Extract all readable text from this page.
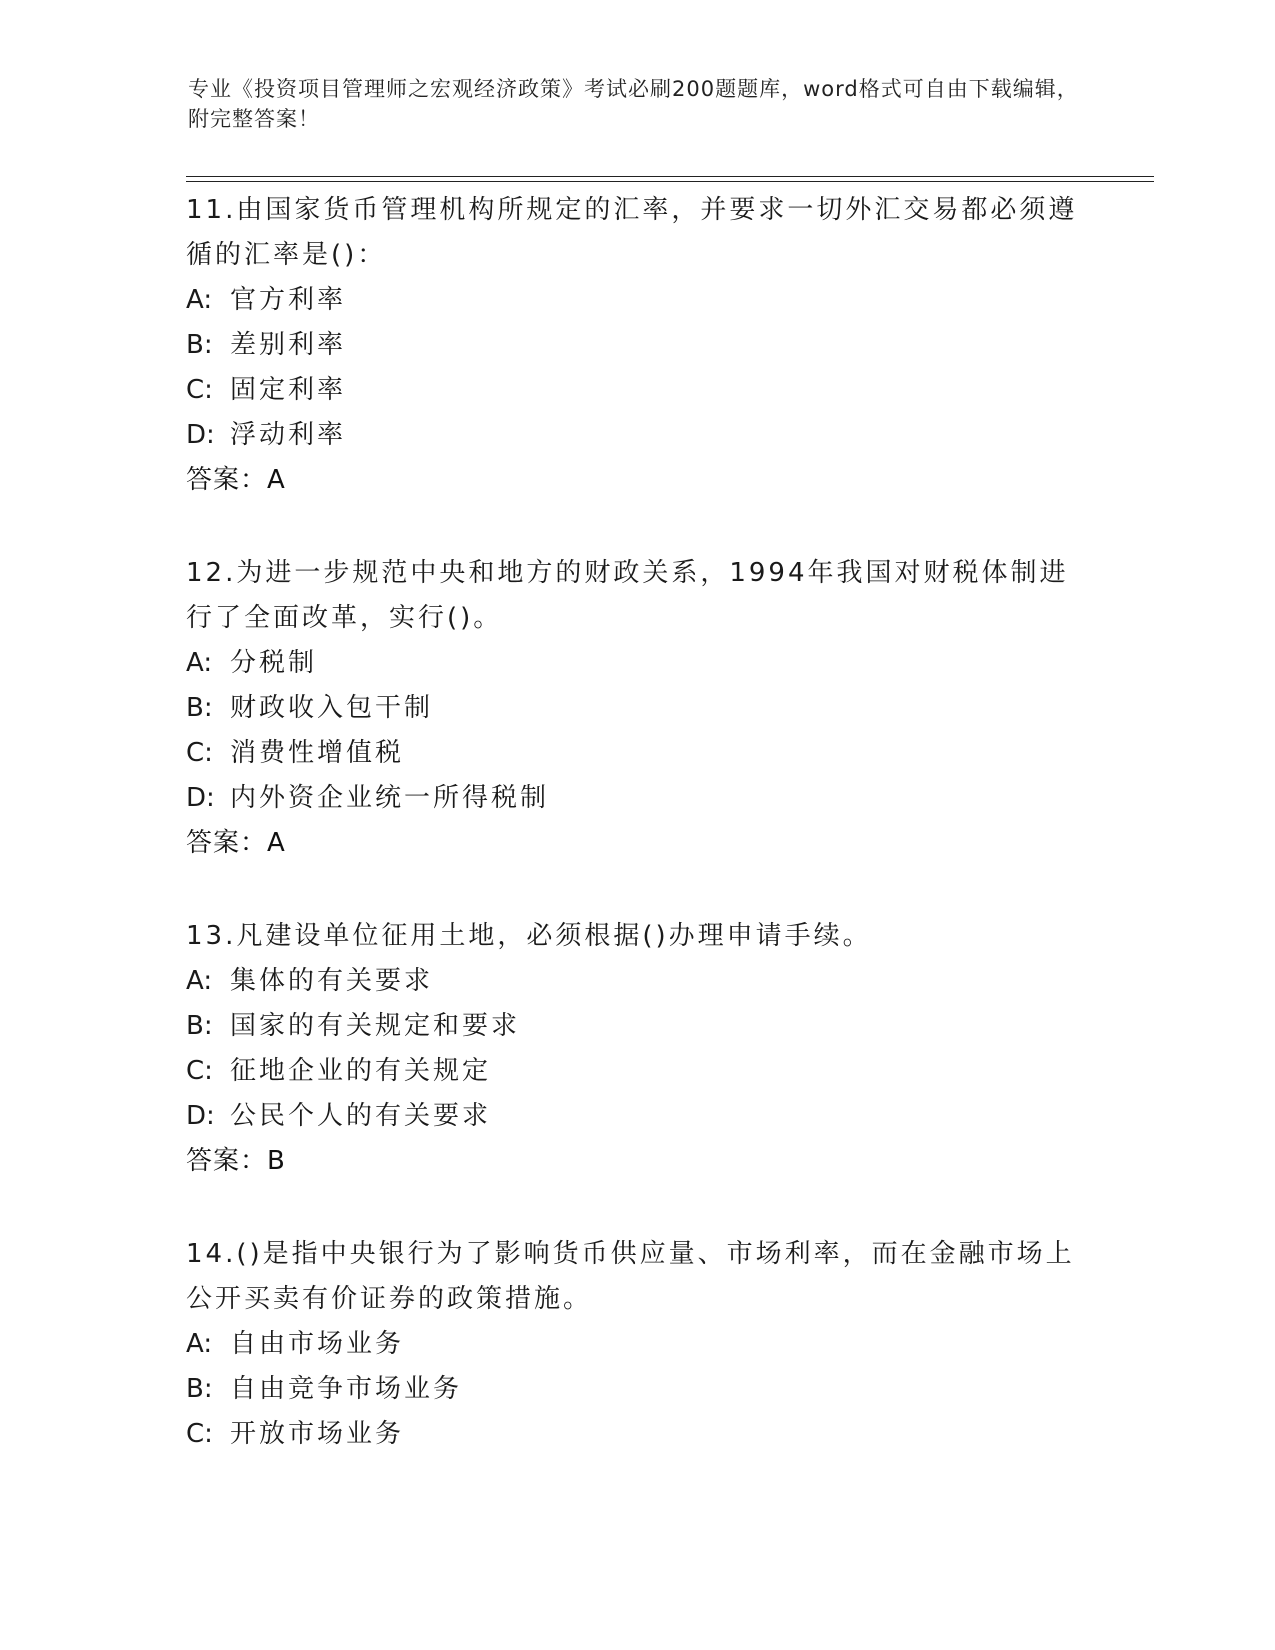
专业《投资项目管理师之宏观经济政策》考试必刷200题题库，word格式可自由下载编辑，附完整答案！
11.由国家货币管理机构所规定的汇率，并要求一切外汇交易都必须遵循的汇率是()：
A: 官方利率
B: 差别利率
C: 固定利率
D: 浮动利率
答案：A
12.为进一步规范中央和地方的财政关系，1994年我国对财税体制进行了全面改革，实行()。
A: 分税制
B: 财政收入包干制
C: 消费性增值税
D: 内外资企业统一所得税制
答案：A
13.凡建设单位征用土地，必须根据()办理申请手续。
A: 集体的有关要求
B: 国家的有关规定和要求
C: 征地企业的有关规定
D: 公民个人的有关要求
答案：B
14.()是指中央银行为了影响货币供应量、市场利率，而在金融市场上公开买卖有价证券的政策措施。
A: 自由市场业务
B: 自由竞争市场业务
C: 开放市场业务
